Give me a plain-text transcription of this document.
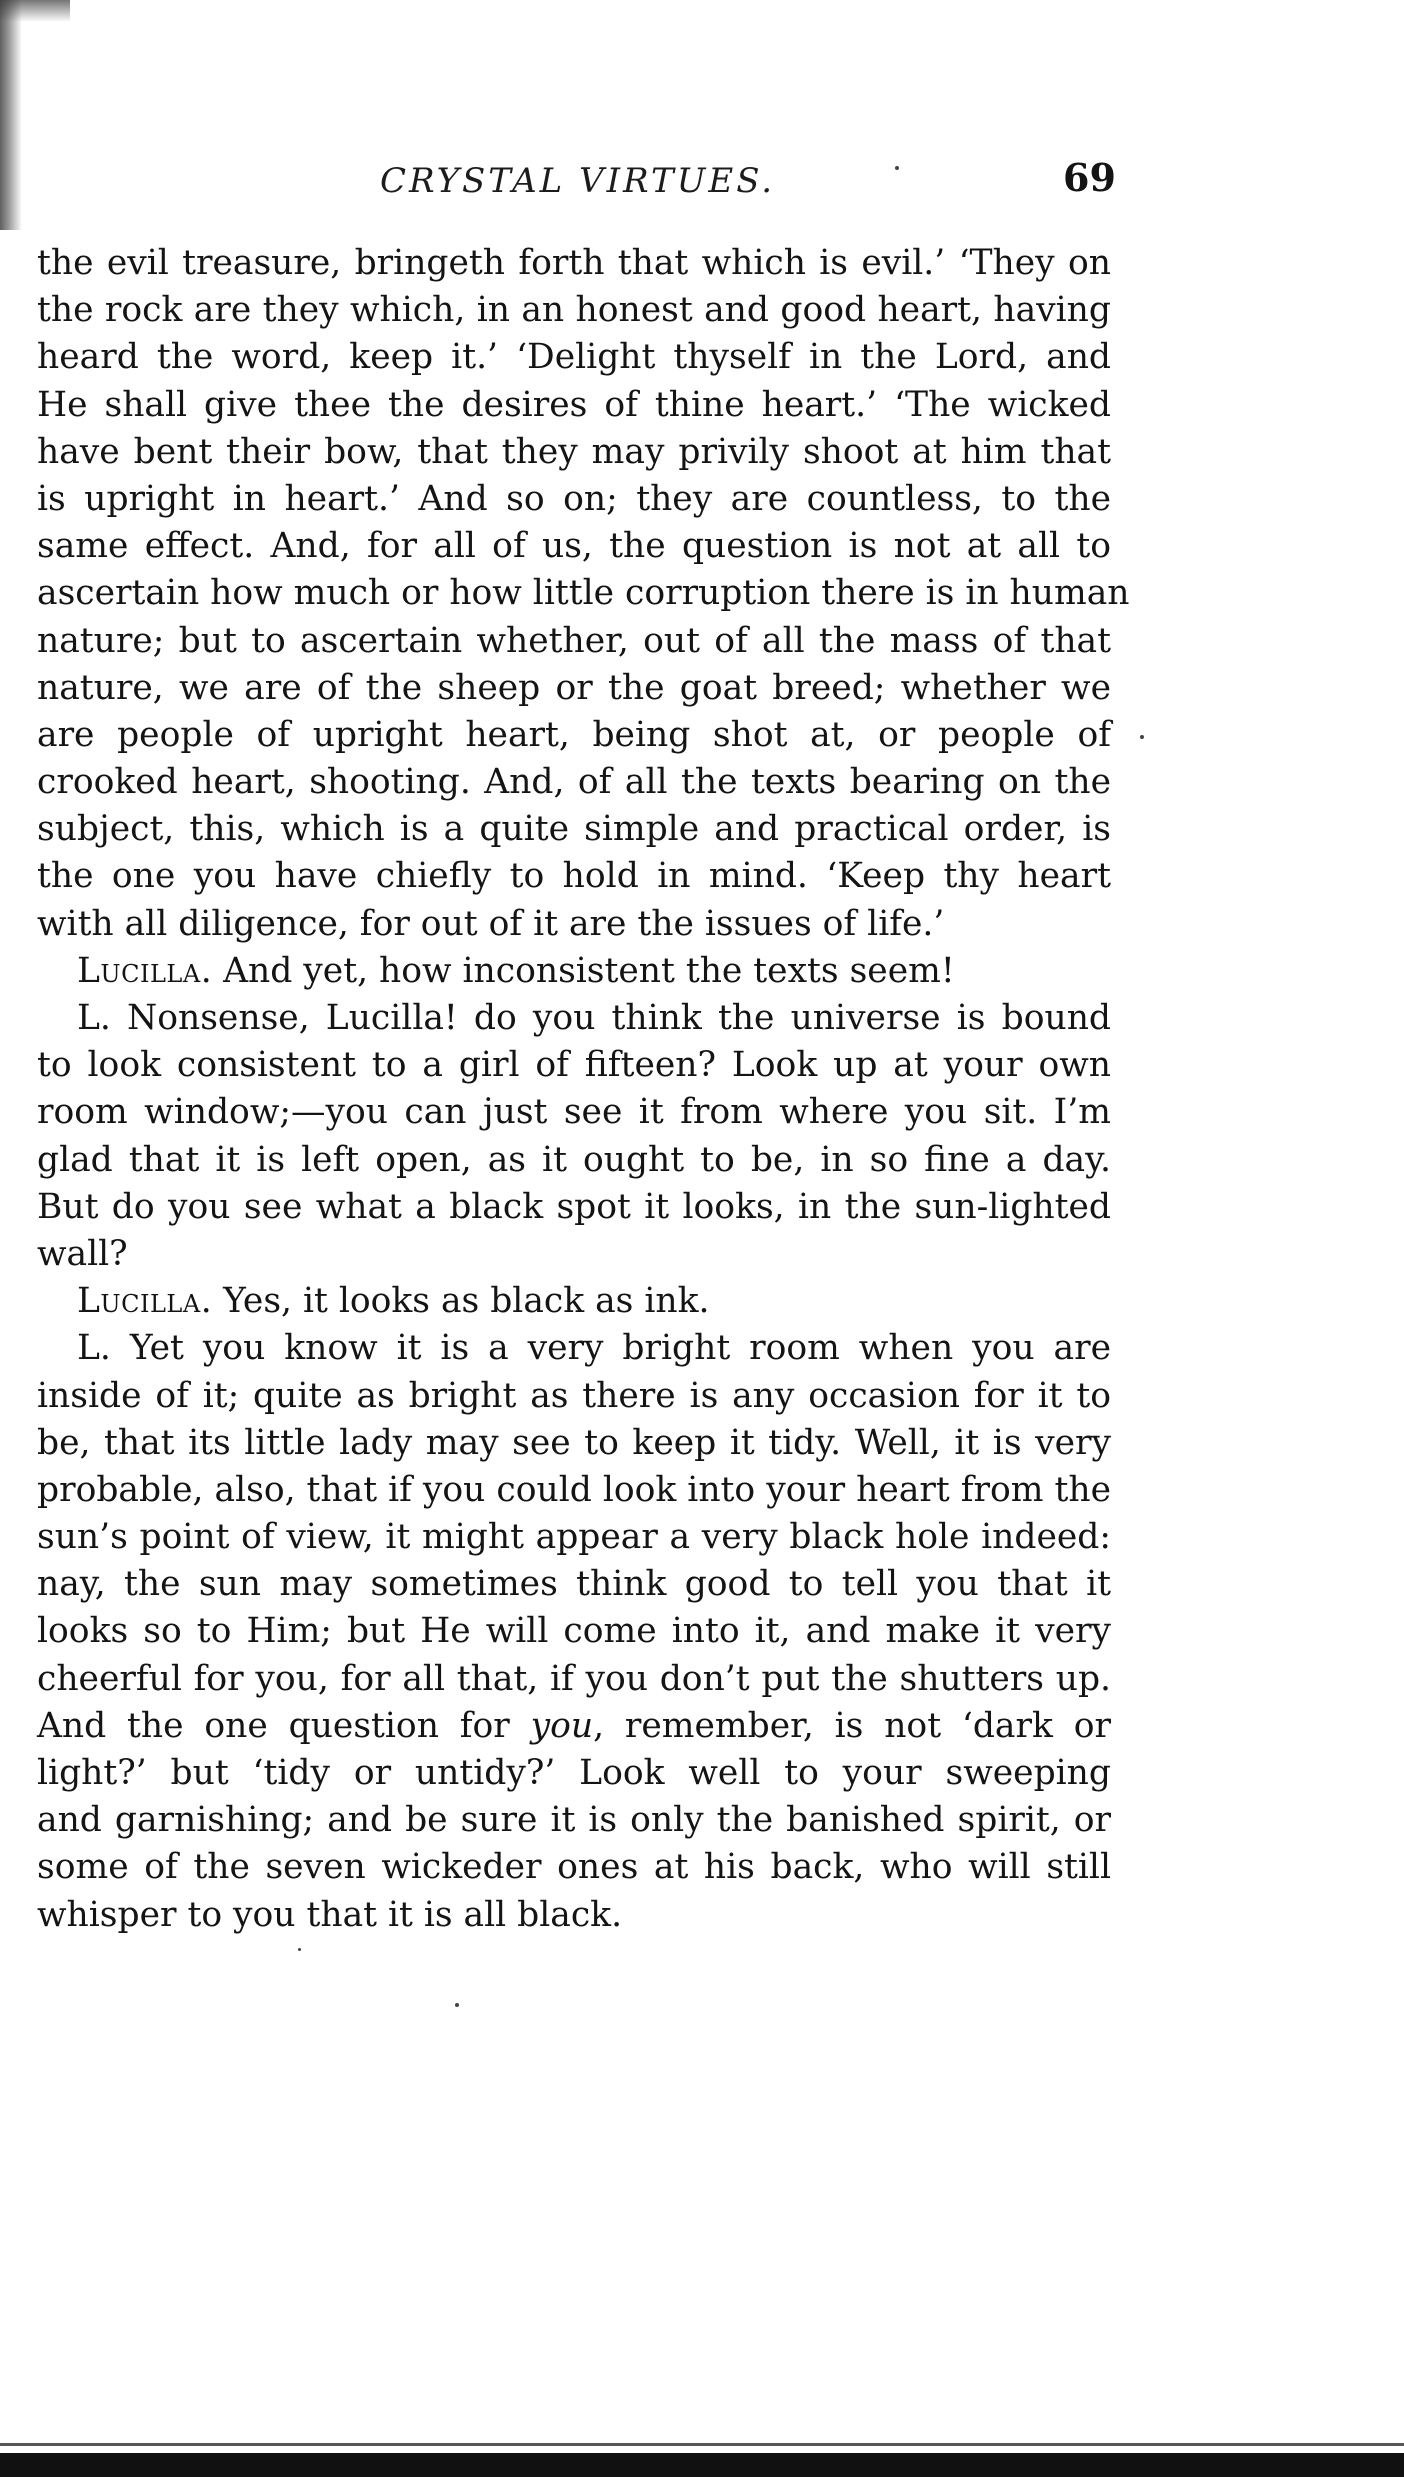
CRYSTAL VIRTUES.	69
the evil treasure, bringeth forth that which is evil.’ ‘They on
the rock are they which, in an honest and good heart, having
heard the word, keep it.’ ‘Delight thyself in the Lord, and
He shall give thee the desires of thine heart.’ ‘The wicked
have bent their bow, that they may privily shoot at him that
is upright in heart.’ And so on; they are countless, to the
same effect. And, for all of us, the question is not at all to
ascertain how much or how little corruption there is in human
nature; but to ascertain whether, out of all the mass of that
nature, we are of the sheep or the goat breed; whether we
are people of upright heart, being shot at, or people of
crooked heart, shooting. And, of all the texts bearing on the
subject, this, which is a quite simple and practical order, is
the one you have chiefly to hold in mind. ‘Keep thy heart
with all diligence, for out of it are the issues of life.’
Lucilla. And yet, how inconsistent the texts seem!
L. Nonsense, Lucilla! do you think the universe is bound
to look consistent to a girl of fifteen? Look up at your own
room window;—you can just see it from where you sit. I’m
glad that it is left open, as it ought to be, in so fine a day.
But do you see what a black spot it looks, in the sun-lighted
wall?
Lucilla. Yes, it looks as black as ink.
L. Yet you know it is a very bright room when you are
inside of it; quite as bright as there is any occasion for it to
be, that its little lady may see to keep it tidy. Well, it is very
probable, also, that if you could look into your heart from the
sun’s point of view, it might appear a very black hole indeed:
nay, the sun may sometimes think good to tell you that it
looks so to Him; but He will come into it, and make it very
cheerful for you, for all that, if you don’t put the shutters up.
And the one question for you, remember, is not ‘dark or
light?’ but ‘tidy or untidy?’ Look well to your sweeping
and garnishing; and be sure it is only the banished spirit, or
some of the seven wickeder ones at his back, who will still
whisper to you that it is all black.
